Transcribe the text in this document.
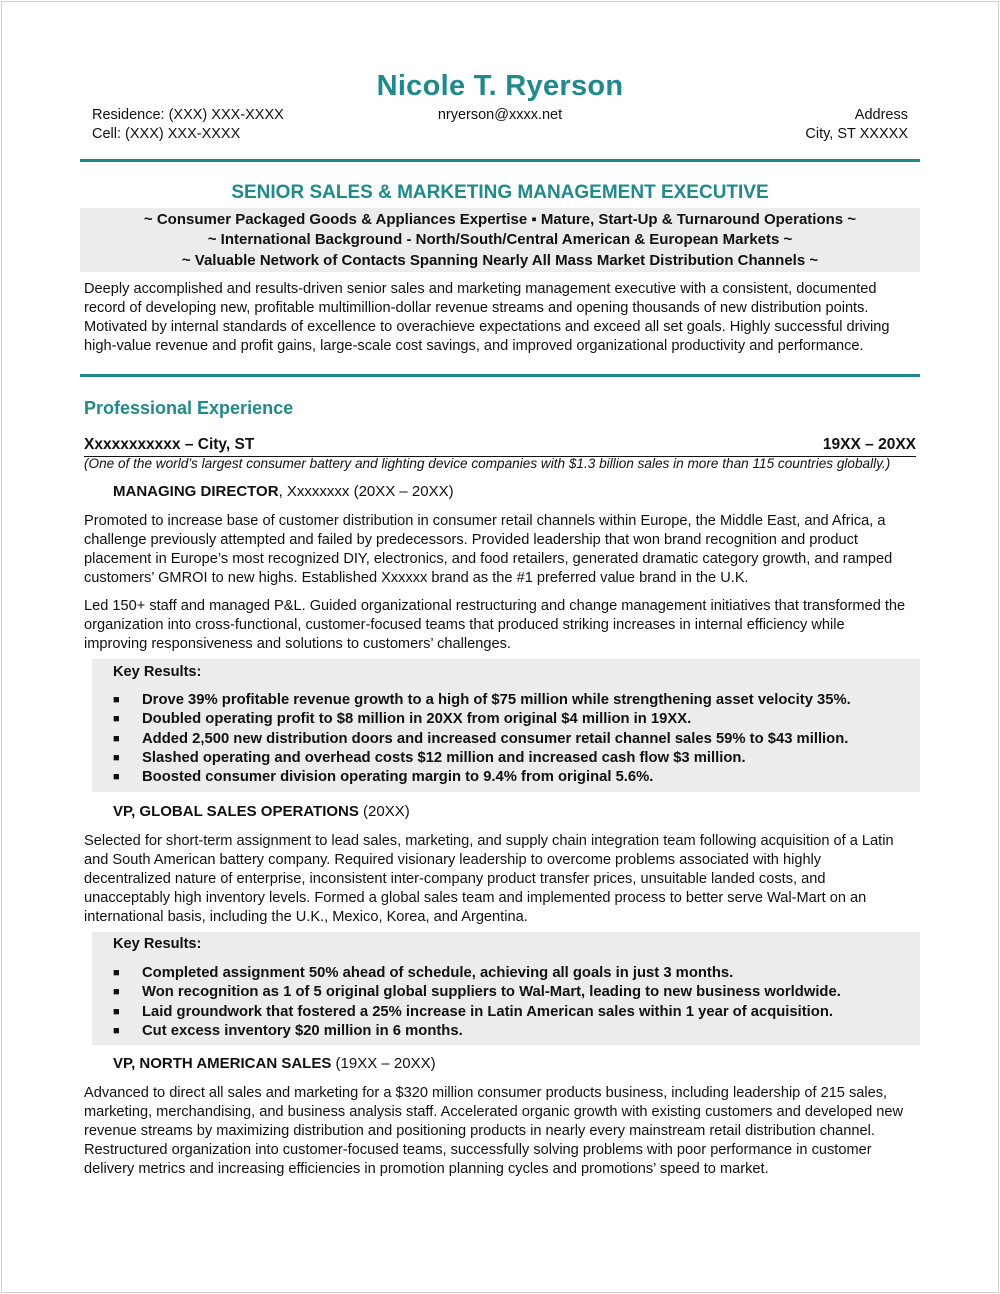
Nicole T. Ryerson
Residence: (XXX) XXX-XXXX
Cell: (XXX) XXX-XXXX
nryerson@xxxx.net	Address
City, ST XXXXX
SENIOR SALES & MARKETING MANAGEMENT EXECUTIVE
~ Consumer Packaged Goods & Appliances Expertise ▪ Mature, Start-Up & Turnaround Operations ~
~ International Background - North/South/Central American & European Markets ~
~ Valuable Network of Contacts Spanning Nearly All Mass Market Distribution Channels ~
Deeply accomplished and results-driven senior sales and marketing management executive with a consistent, documented
record of developing new, profitable multimillion-dollar revenue streams and opening thousands of new distribution points.
Motivated by internal standards of excellence to overachieve expectations and exceed all set goals. Highly successful driving
high-value revenue and profit gains, large-scale cost savings, and improved organizational productivity and performance.
Professional Experience
Xxxxxxxxxxx – City, ST	19XX – 20XX
(One of the world’s largest consumer battery and lighting device companies with $1.3 billion sales in more than 115 countries globally.)
MANAGING DIRECTOR, Xxxxxxxx (20XX – 20XX)
Promoted to increase base of customer distribution in consumer retail channels within Europe, the Middle East, and Africa, a
challenge previously attempted and failed by predecessors. Provided leadership that won brand recognition and product
placement in Europe’s most recognized DIY, electronics, and food retailers, generated dramatic category growth, and ramped
customers’ GMROI to new highs. Established Xxxxxx brand as the #1 preferred value brand in the U.K.
Led 150+ staff and managed P&L. Guided organizational restructuring and change management initiatives that transformed the
organization into cross-functional, customer-focused teams that produced striking increases in internal efficiency while
improving responsiveness and solutions to customers’ challenges.
Key Results:
■ Drove 39% profitable revenue growth to a high of $75 million while strengthening asset velocity 35%.
■ Doubled operating profit to $8 million in 20XX from original $4 million in 19XX.
■ Added 2,500 new distribution doors and increased consumer retail channel sales 59% to $43 million.
■ Slashed operating and overhead costs $12 million and increased cash flow $3 million.
■ Boosted consumer division operating margin to 9.4% from original 5.6%.
VP, GLOBAL SALES OPERATIONS (20XX)
Selected for short-term assignment to lead sales, marketing, and supply chain integration team following acquisition of a Latin
and South American battery company. Required visionary leadership to overcome problems associated with highly
decentralized nature of enterprise, inconsistent inter-company product transfer prices, unsuitable landed costs, and
unacceptably high inventory levels. Formed a global sales team and implemented process to better serve Wal-Mart on an
international basis, including the U.K., Mexico, Korea, and Argentina.
Key Results:
■ Completed assignment 50% ahead of schedule, achieving all goals in just 3 months.
■ Won recognition as 1 of 5 original global suppliers to Wal-Mart, leading to new business worldwide.
■ Laid groundwork that fostered a 25% increase in Latin American sales within 1 year of acquisition.
■ Cut excess inventory $20 million in 6 months.
VP, NORTH AMERICAN SALES (19XX – 20XX)
Advanced to direct all sales and marketing for a $320 million consumer products business, including leadership of 215 sales,
marketing, merchandising, and business analysis staff. Accelerated organic growth with existing customers and developed new
revenue streams by maximizing distribution and positioning products in nearly every mainstream retail distribution channel.
Restructured organization into customer-focused teams, successfully solving problems with poor performance in customer
delivery metrics and increasing efficiencies in promotion planning cycles and promotions’ speed to market.
